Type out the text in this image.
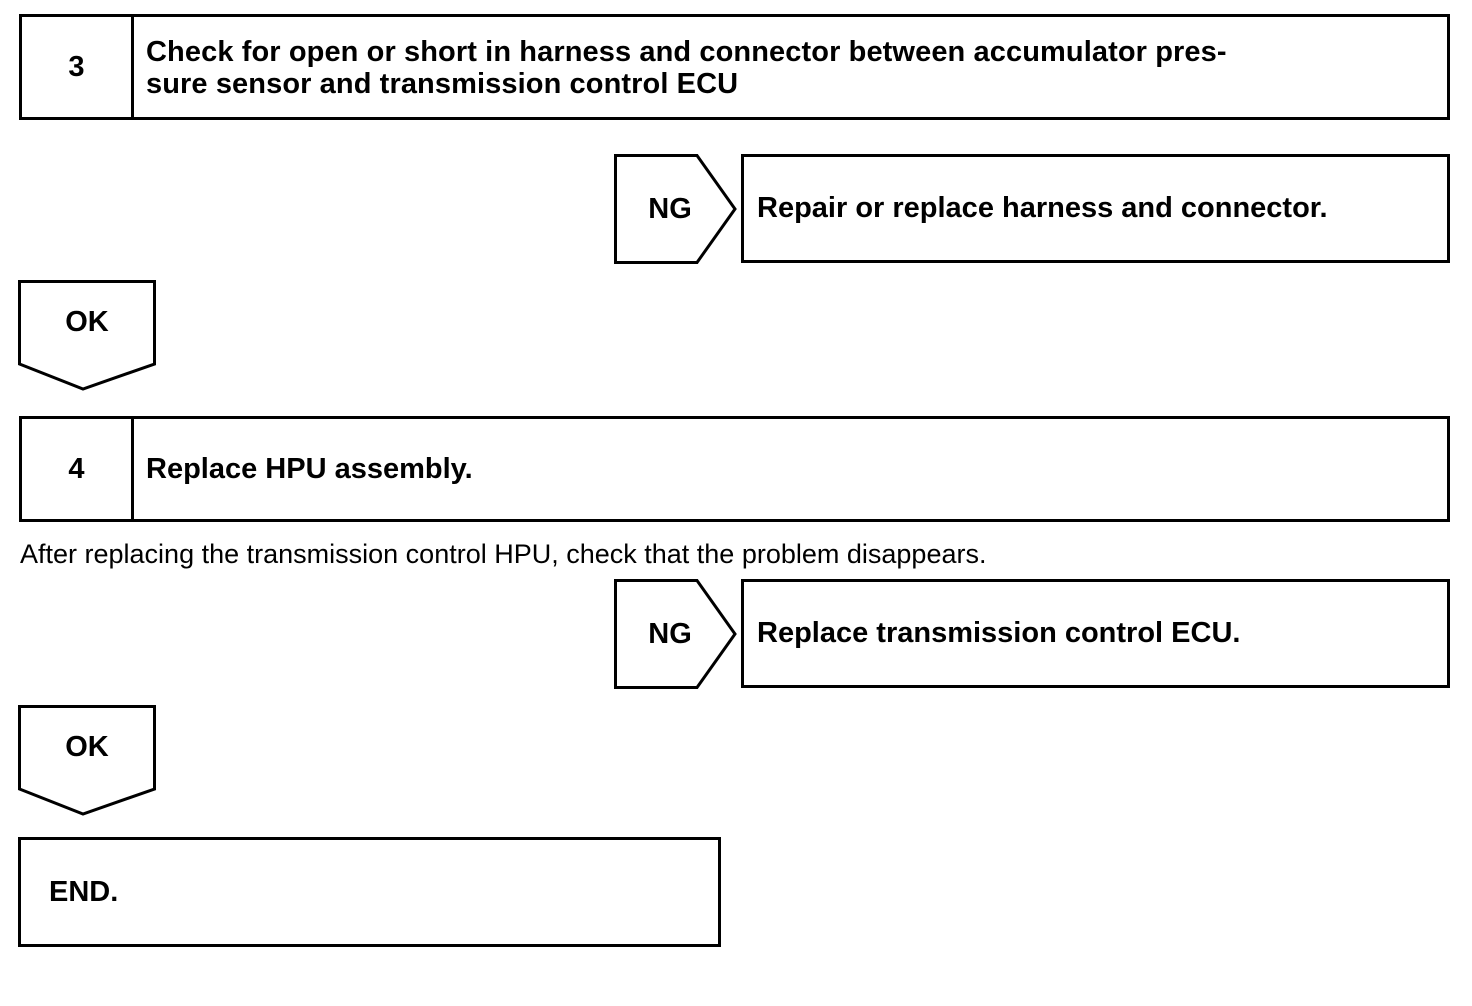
3	Check for open or short in harness and connector between accumulator pres-
sure sensor and transmission control ECU
NG	Repair or replace harness and connector.
OK
4	Replace HPU assembly.
After replacing the transmission control HPU, check that the problem disappears.
NG	Replace transmission control ECU.
OK
END.
